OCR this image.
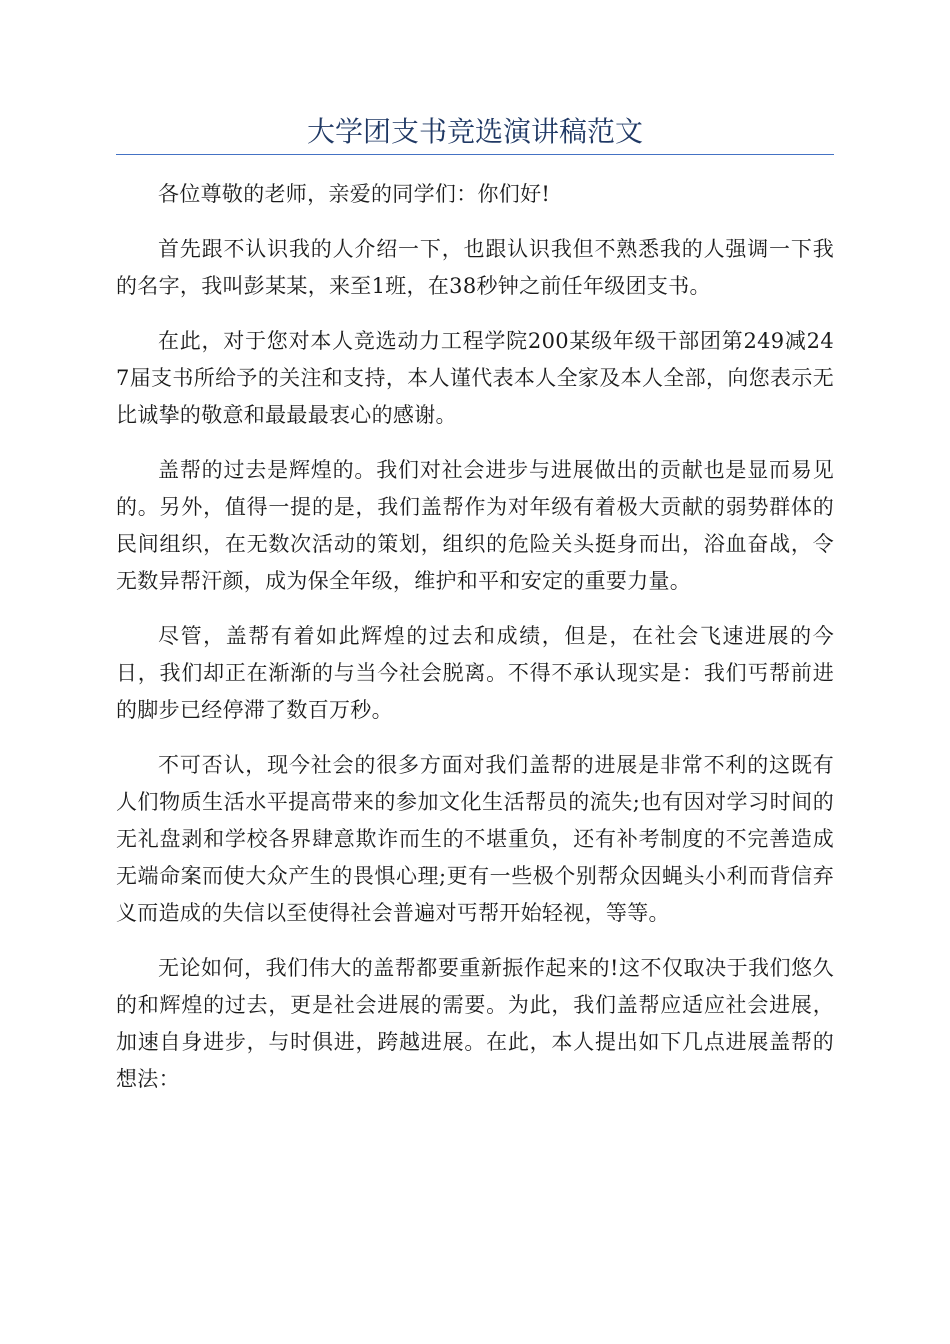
大学团支书竞选演讲稿范文

各位尊敬的老师，亲爱的同学们：你们好!

首先跟不认识我的人介绍一下，也跟认识我但不熟悉我的人强调一下我的名字，我叫彭某某，来至1班，在38秒钟之前任年级团支书。

在此，对于您对本人竞选动力工程学院200某级年级干部团第249减247届支书所给予的关注和支持，本人谨代表本人全家及本人全部，向您表示无比诚挚的敬意和最最最衷心的感谢。

盖帮的过去是辉煌的。我们对社会进步与进展做出的贡献也是显而易见的。另外，值得一提的是，我们盖帮作为对年级有着极大贡献的弱势群体的民间组织，在无数次活动的策划，组织的危险关头挺身而出，浴血奋战，令无数异帮汗颜，成为保全年级，维护和平和安定的重要力量。

尽管，盖帮有着如此辉煌的过去和成绩，但是，在社会飞速进展的今日，我们却正在渐渐的与当今社会脱离。不得不承认现实是：我们丐帮前进的脚步已经停滞了数百万秒。

不可否认，现今社会的很多方面对我们盖帮的进展是非常不利的这既有人们物质生活水平提高带来的参加文化生活帮员的流失;也有因对学习时间的无礼盘剥和学校各界肆意欺诈而生的不堪重负，还有补考制度的不完善造成无端命案而使大众产生的畏惧心理;更有一些极个别帮众因蝇头小利而背信弃义而造成的失信以至使得社会普遍对丐帮开始轻视，等等。

无论如何，我们伟大的盖帮都要重新振作起来的!这不仅取决于我们悠久的和辉煌的过去，更是社会进展的需要。为此，我们盖帮应适应社会进展，加速自身进步，与时俱进，跨越进展。在此，本人提出如下几点进展盖帮的想法：
